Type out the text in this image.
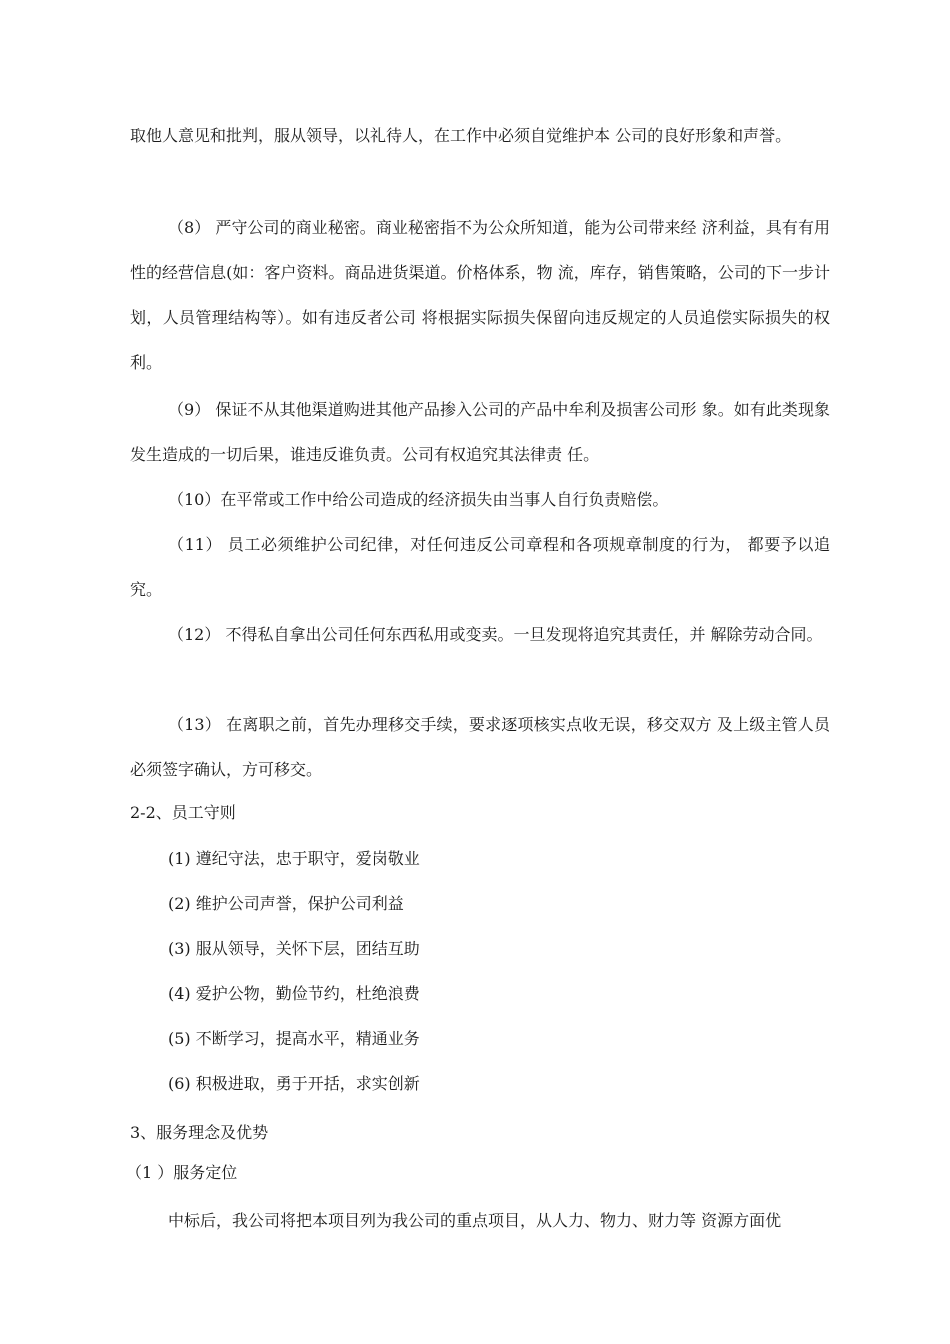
取他人意见和批判，服从领导，以礼待人，在工作中必须自觉维护本 公司的良好形象和声誉。

（8） 严守公司的商业秘密。商业秘密指不为公众所知道，能为公司带来经 济利益，具有有用性的经营信息(如：客户资料。商品进货渠道。价格体系，物 流，库存，销售策略，公司的下一步计划，人员管理结构等）。如有违反者公司 将根据实际损失保留向违反规定的人员追偿实际损失的权利。

（9） 保证不从其他渠道购进其他产品掺入公司的产品中牟利及损害公司形 象。如有此类现象发生造成的一切后果，谁违反谁负责。公司有权追究其法律责 任。

（10）在平常或工作中给公司造成的经济损失由当事人自行负责赔偿。

（11） 员工必须维护公司纪律，对任何违反公司章程和各项规章制度的行为， 都要予以追究。

（12） 不得私自拿出公司任何东西私用或变卖。一旦发现将追究其责任，并 解除劳动合同。

（13） 在离职之前，首先办理移交手续，要求逐项核实点收无误，移交双方 及上级主管人员必须签字确认，方可移交。

2-2、员工守则

(1) 遵纪守法，忠于职守，爱岗敬业

(2) 维护公司声誉，保护公司利益

(3) 服从领导，关怀下层，团结互助

(4) 爱护公物，勤俭节约，杜绝浪费

(5) 不断学习，提高水平，精通业务

(6) 积极进取，勇于开括，求实创新

3、服务理念及优势

（1 ）服务定位

中标后，我公司将把本项目列为我公司的重点项目，从人力、物力、财力等 资源方面优
